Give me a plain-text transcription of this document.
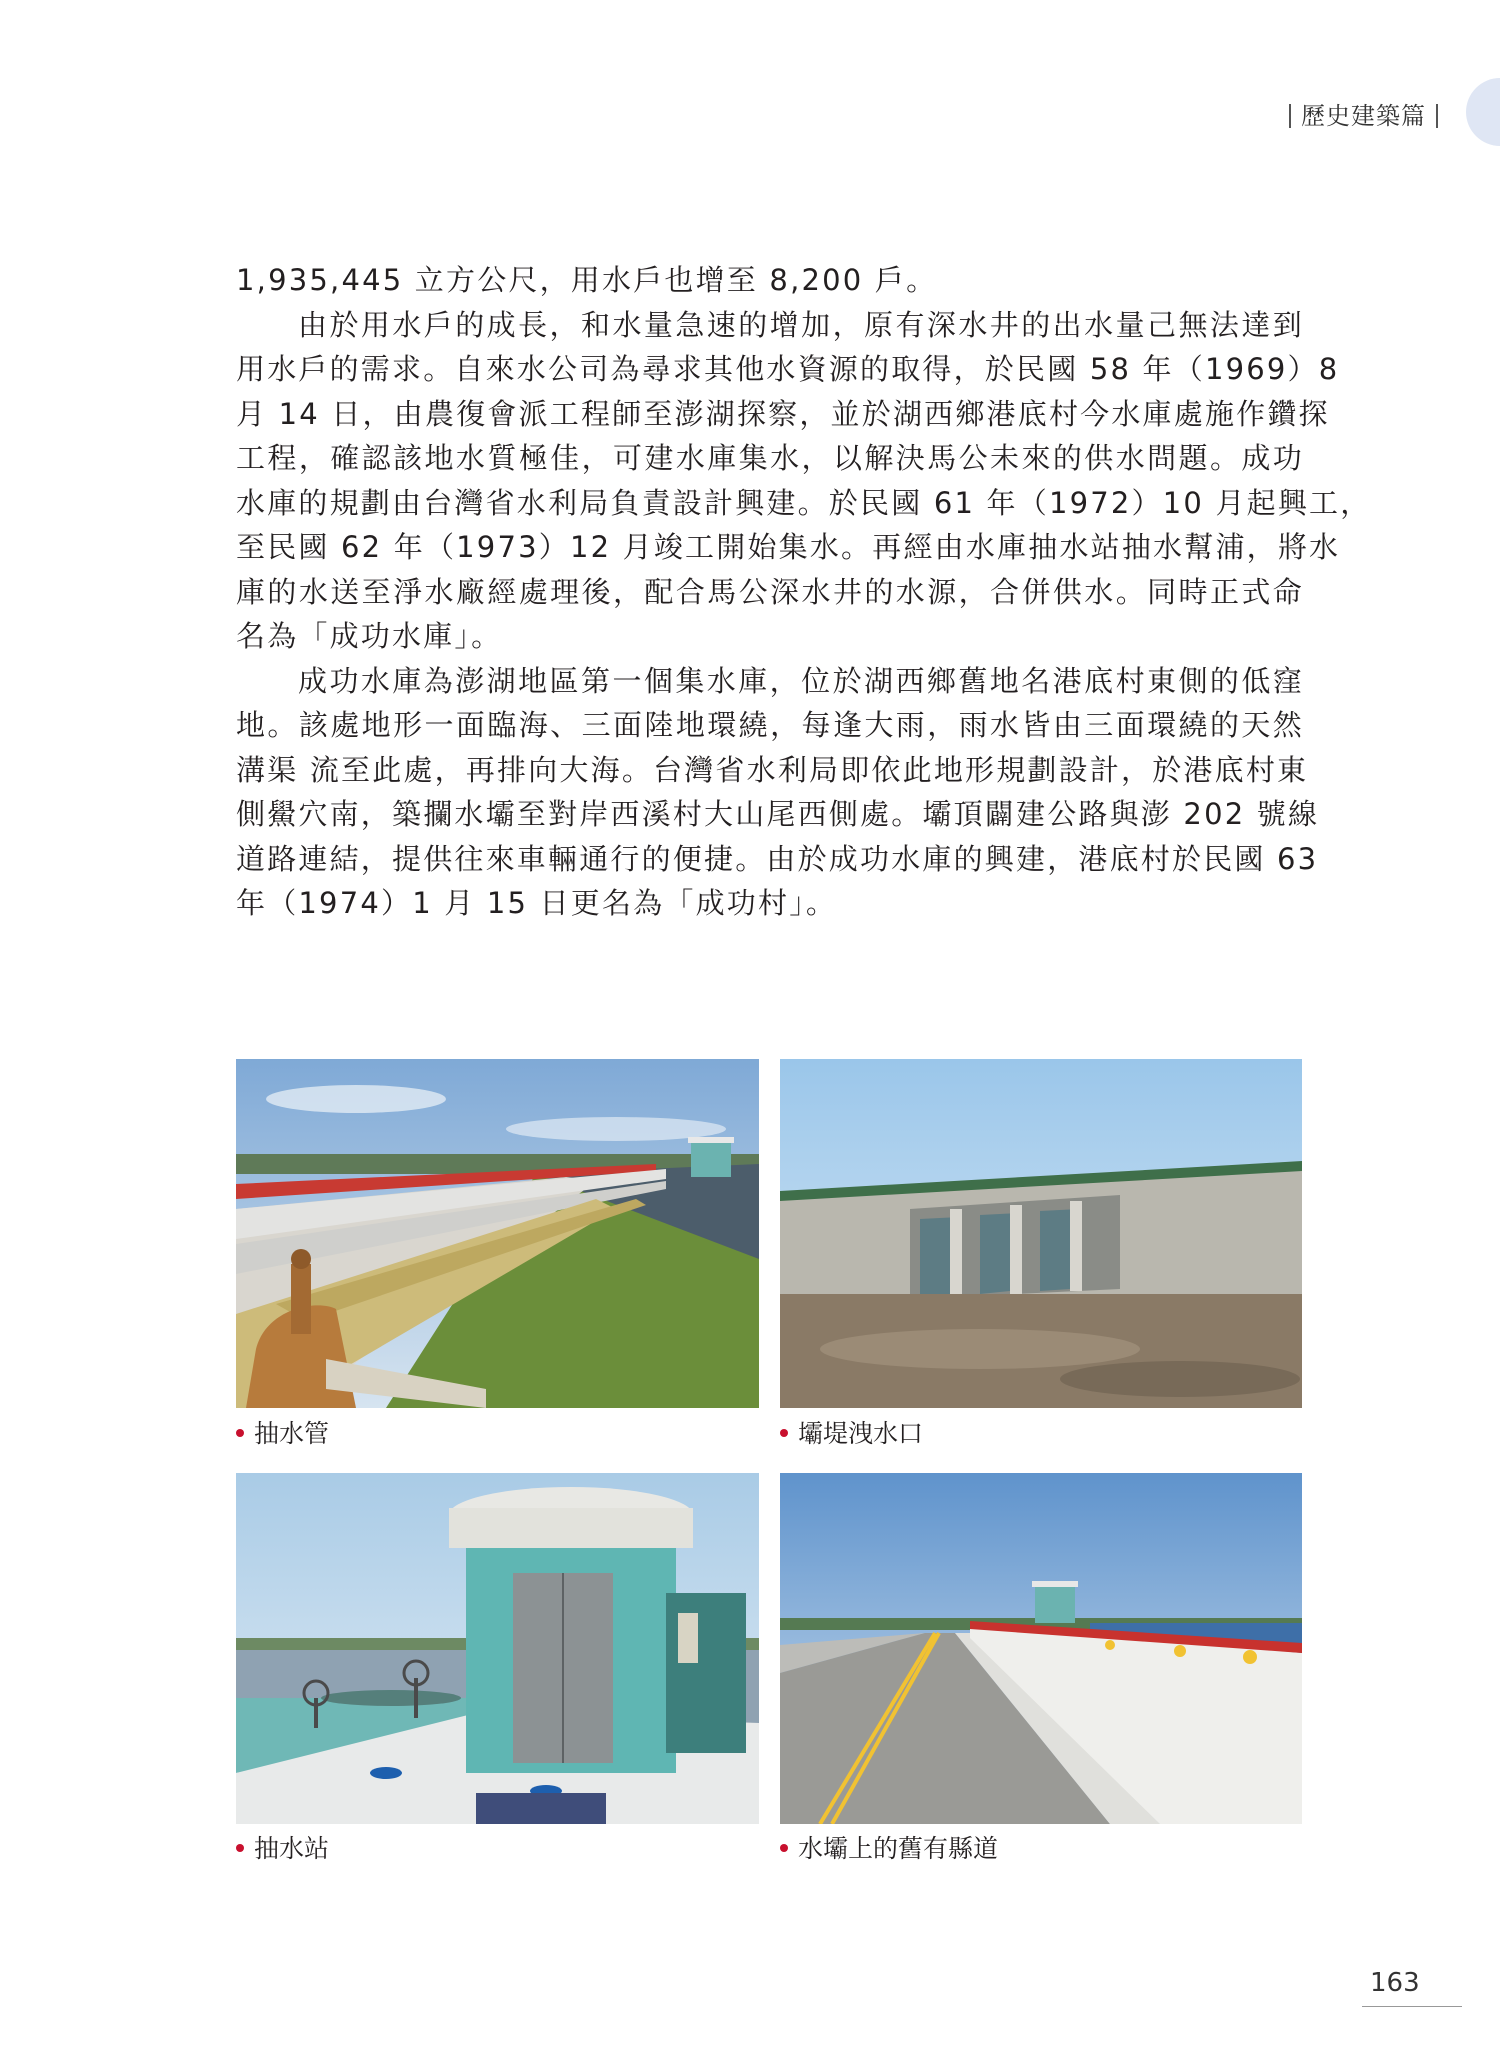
歷史建築篇
1,935,445 立方公尺，用水戶也增至 8,200 戶。
由於用水戶的成長，和水量急速的增加，原有深水井的出水量己無法達到
用水戶的需求。自來水公司為尋求其他水資源的取得，於民國 58 年（1969）8
月 14 日，由農復會派工程師至澎湖探察，並於湖西鄉港底村今水庫處施作鑽探
工程，確認該地水質極佳，可建水庫集水，以解決馬公未來的供水問題。成功
水庫的規劃由台灣省水利局負責設計興建。於民國 61 年（1972）10 月起興工，
至民國 62 年（1973）12 月竣工開始集水。再經由水庫抽水站抽水幫浦，將水
庫的水送至淨水廠經處理後，配合馬公深水井的水源，合併供水。同時正式命
名為「成功水庫」。
成功水庫為澎湖地區第一個集水庫，位於湖西鄉舊地名港底村東側的低窪
地。該處地形一面臨海、三面陸地環繞，每逢大雨，雨水皆由三面環繞的天然
溝渠 流至此處，再排向大海。台灣省水利局即依此地形規劃設計，於港底村東
側鱟穴南，築攔水壩至對岸西溪村大山尾西側處。壩頂闢建公路與澎 202 號線
道路連結，提供往來車輛通行的便捷。由於成功水庫的興建，港底村於民國 63
年（1974）1 月 15 日更名為「成功村」。
抽水管	壩堤洩水口
抽水站	水壩上的舊有縣道
163
